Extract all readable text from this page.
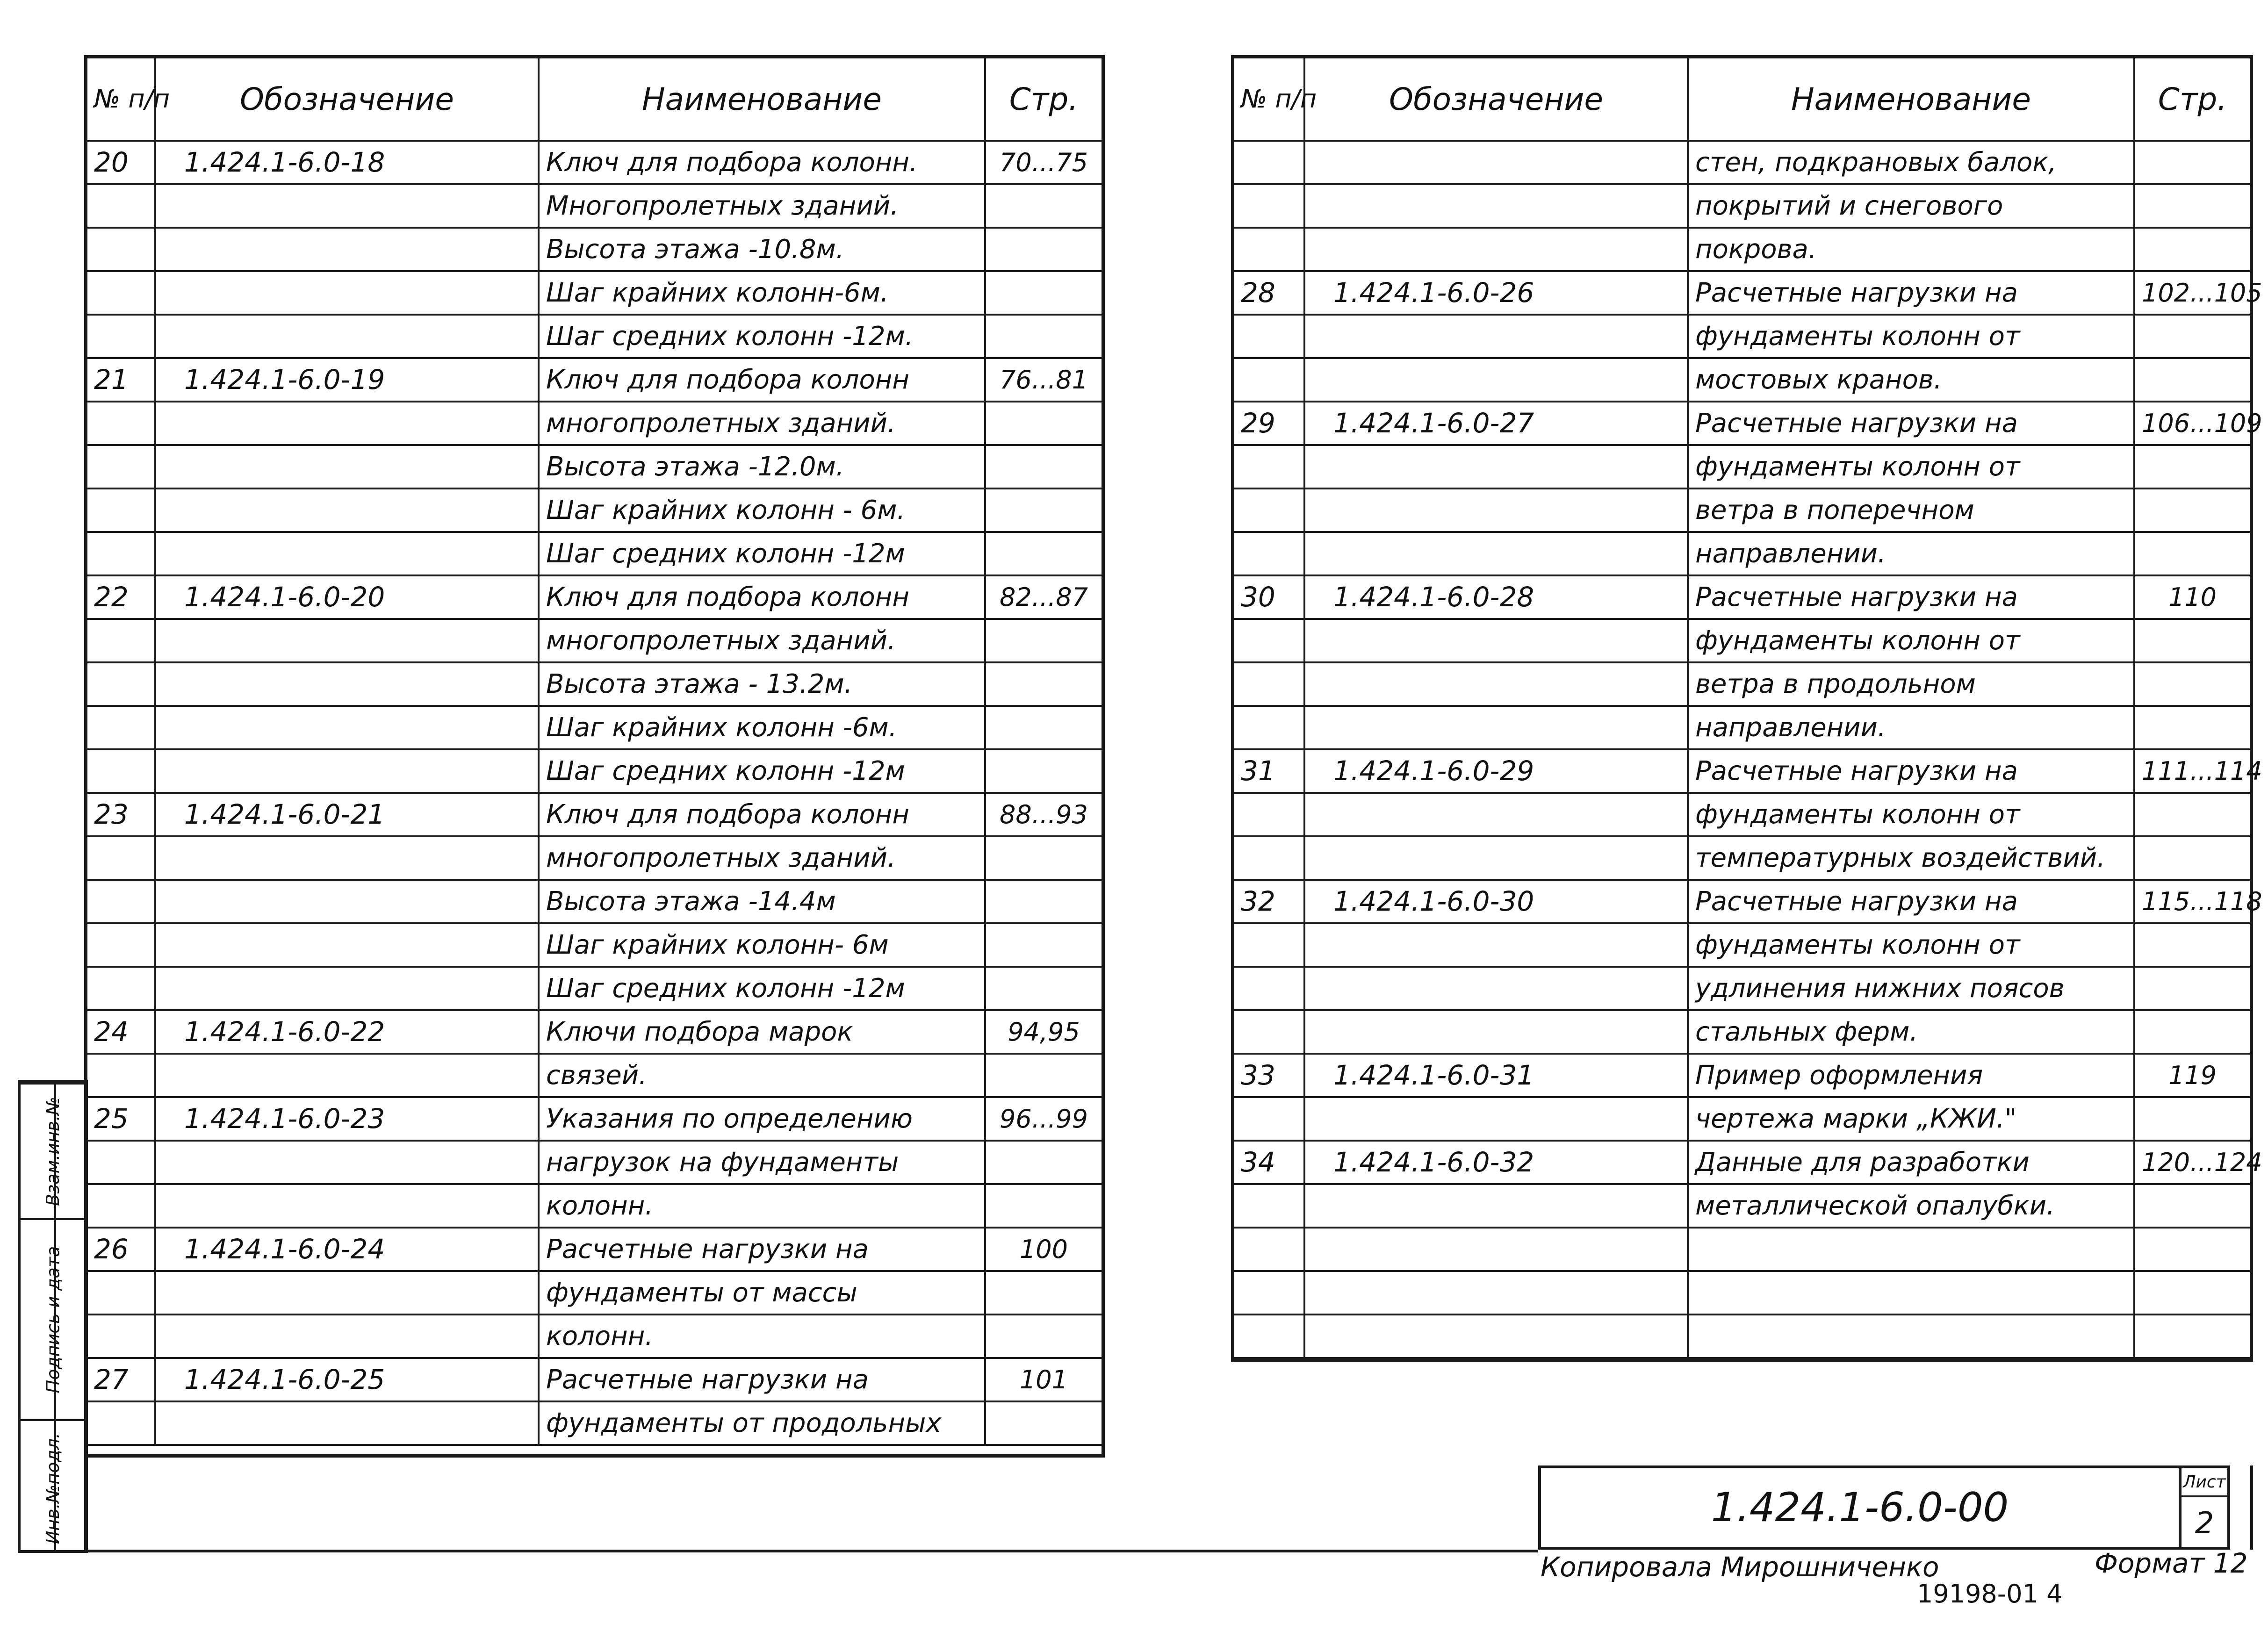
№ п/п	Обозначение	Наименование	Стр.
20	1.424.1-6.0-18	Ключ для подбора колонн.	70...75
		Многопролетных зданий.	
		Высота этажа -10.8м.	
		Шаг крайних колонн-6м.	
		Шаг средних колонн -12м.	
21	1.424.1-6.0-19	Ключ для подбора колонн	76...81
		многопролетных зданий.	
		Высота этажа -12.0м.	
		Шаг крайних колонн - 6м.	
		Шаг средних колонн -12м	
22	1.424.1-6.0-20	Ключ для подбора колонн	82...87
		многопролетных зданий.	
		Высота этажа - 13.2м.	
		Шаг крайних колонн -6м.	
		Шаг средних колонн -12м	
23	1.424.1-6.0-21	Ключ для подбора колонн	88...93
		многопролетных зданий.	
		Высота этажа -14.4м	
		Шаг крайних колонн- 6м	
		Шаг средних колонн -12м	
24	1.424.1-6.0-22	Ключи подбора марок	94,95
		связей.	
25	1.424.1-6.0-23	Указания по определению	96...99
		нагрузок на фундаменты	
		колонн.	
26	1.424.1-6.0-24	Расчетные нагрузки на	100
		фундаменты от массы	
		колонн.	
27	1.424.1-6.0-25	Расчетные нагрузки на	101
		фундаменты от продольных	
№ п/п	Обозначение	Наименование	Стр.
		стен, подкрановых балок,	
		покрытий и снегового	
		покрова.	
28	1.424.1-6.0-26	Расчетные нагрузки на	102...105
		фундаменты колонн от	
		мостовых кранов.	
29	1.424.1-6.0-27	Расчетные нагрузки на	106...109
		фундаменты колонн от	
		ветра в поперечном	
		направлении.	
30	1.424.1-6.0-28	Расчетные нагрузки на	110
		фундаменты колонн от	
		ветра в продольном	
		направлении.	
31	1.424.1-6.0-29	Расчетные нагрузки на	111...114
		фундаменты колонн от	
		температурных воздействий.	
32	1.424.1-6.0-30	Расчетные нагрузки на	115...118
		фундаменты колонн от	
		удлинения нижних поясов	
		стальных ферм.	
33	1.424.1-6.0-31	Пример оформления	119
		чертежа марки „КЖИ."	
34	1.424.1-6.0-32	Данные для разработки	120...124
		металлической опалубки.	

Взам.инв.№
Подпись и дата
Инв.№подл.	1.424.1-6.0-00
Лист
2
Копировала Мирошниченко	Формат 12
19198-01 4
